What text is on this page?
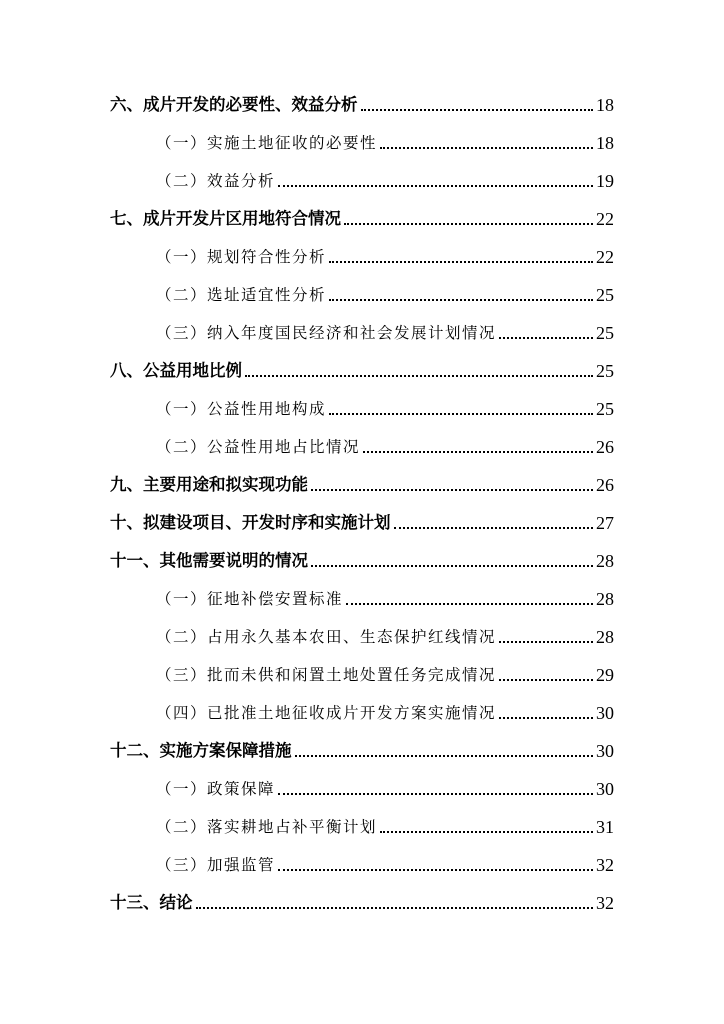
六、成片开发的必要性、效益分析	18
（一）实施土地征收的必要性	18
（二）效益分析	19
七、成片开发片区用地符合情况	22
（一）规划符合性分析	22
（二）选址适宜性分析	25
（三）纳入年度国民经济和社会发展计划情况	25
八、公益用地比例	25
（一）公益性用地构成	25
（二）公益性用地占比情况	26
九、主要用途和拟实现功能	26
十、拟建设项目、开发时序和实施计划	27
十一、其他需要说明的情况	28
（一）征地补偿安置标准	28
（二）占用永久基本农田、生态保护红线情况	28
（三）批而未供和闲置土地处置任务完成情况	29
（四）已批准土地征收成片开发方案实施情况	30
十二、实施方案保障措施	30
（一）政策保障	30
（二）落实耕地占补平衡计划	31
（三）加强监管	32
十三、结论	32
